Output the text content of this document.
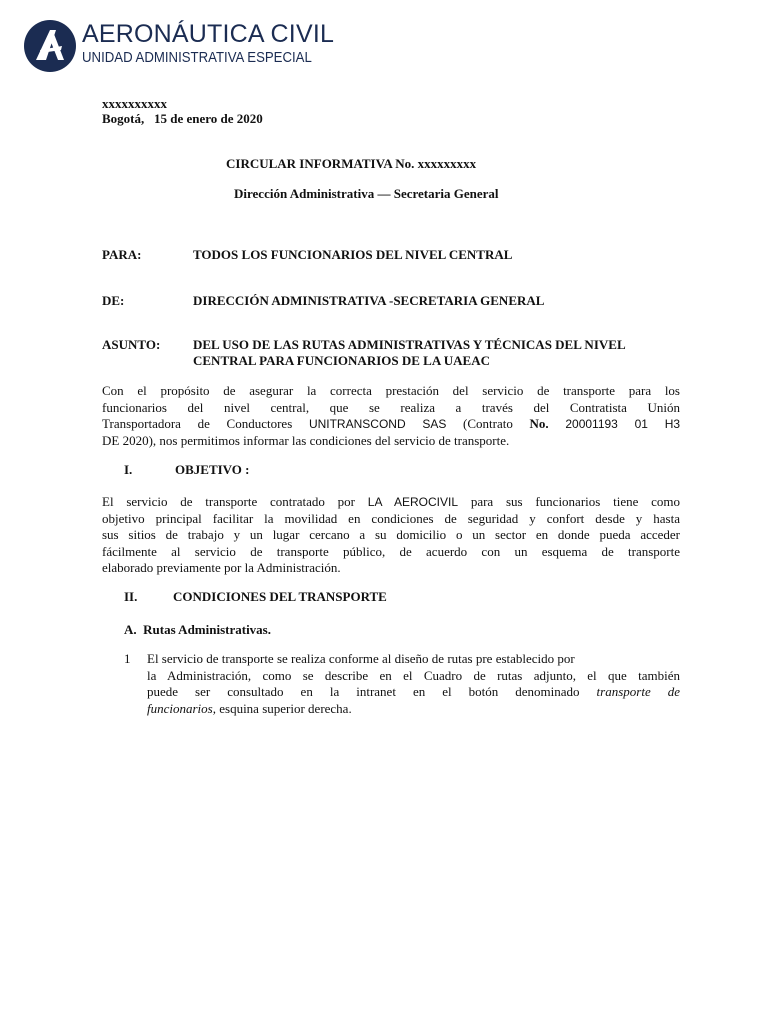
AERONÁUTICA CIVIL
UNIDAD ADMINISTRATIVA ESPECIAL
xxxxxxxxxx
Bogotá,   15 de enero de 2020
CIRCULAR INFORMATIVA No. xxxxxxxxx
Dirección Administrativa — Secretaria General
PARA:	TODOS LOS FUNCIONARIOS DEL NIVEL CENTRAL
DE:	DIRECCIÓN ADMINISTRATIVA -SECRETARIA GENERAL
ASUNTO:	DEL USO DE LAS RUTAS ADMINISTRATIVAS Y TÉCNICAS DEL NIVEL
CENTRAL PARA FUNCIONARIOS DE LA UAEAC
Con el propósito de asegurar la correcta prestación del servicio de transporte para los
funcionarios del nivel central, que se realiza a través del Contratista Unión
Transportadora de Conductores UNITRANSCOND SAS (Contrato No. 20001193 01 H3
DE 2020), nos permitimos informar las condiciones del servicio de transporte.
I.	OBJETIVO :
El servicio de transporte contratado por LA AEROCIVIL para sus funcionarios tiene como
objetivo principal facilitar la movilidad en condiciones de seguridad y confort desde y hasta
sus sitios de trabajo y un lugar cercano a su domicilio o un sector en donde pueda acceder
fácilmente al servicio de transporte público, de acuerdo con un esquema de transporte
elaborado previamente por la Administración.
II.	CONDICIONES DEL TRANSPORTE
A.  Rutas Administrativas.
1 El servicio de transporte se realiza conforme al diseño de rutas pre establecido por
la Administración, como se describe en el Cuadro de rutas adjunto, el que también
puede ser consultado en la intranet en el botón denominado transporte de
funcionarios, esquina superior derecha.
